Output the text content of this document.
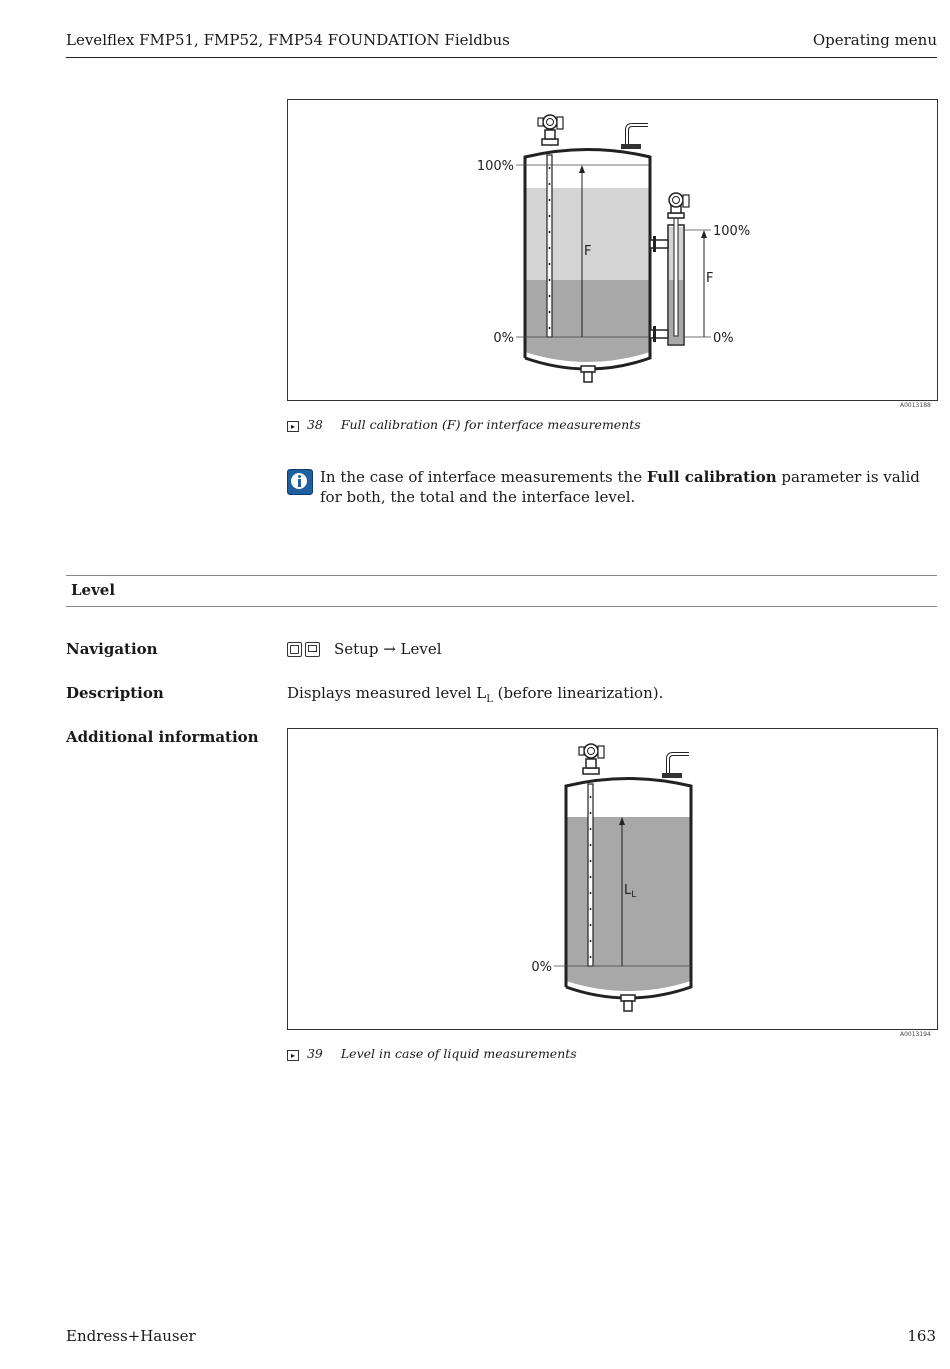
Levelflex FMP51, FMP52, FMP54 FOUNDATION Fieldbus	Operating menu
100%
0%
F
100%
0%
F
A0013188
▸ 38 Full calibration (F) for interface measurements
In the case of interface measurements the Full calibration parameter is valid for both, the total and the interface level.
Level
Navigation	Setup → Level
Description	Displays measured level $L_L$ (before linearization).
Additional information
0%
$L_L$
A0013194
▸ 39 Level in case of liquid measurements
Endress+Hauser	163
